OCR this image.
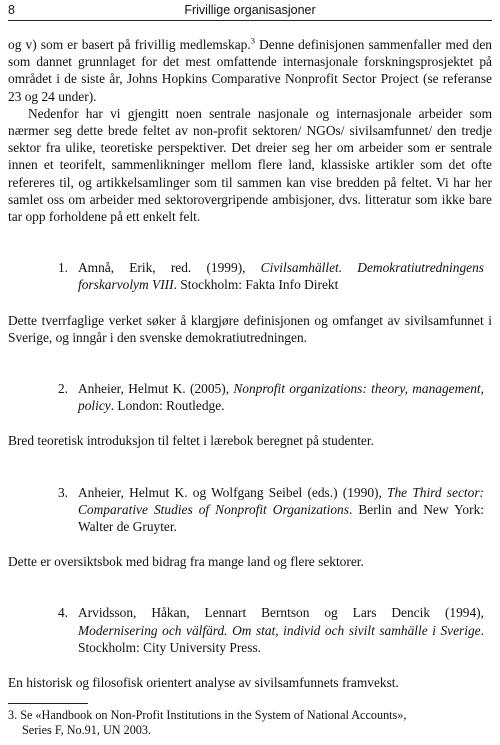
8	Frivillige organisasjoner

og v) som er basert på frivillig medlemskap.$^3$ Denne definisjonen sammenfaller med den som dannet grunnlaget for det mest omfattende internasjonale forskningsprosjektet på området i de siste år, Johns Hopkins Comparative Nonprofit Sector Project (se referanse 23 og 24 under).

Nedenfor har vi gjengitt noen sentrale nasjonale og internasjonale arbeider som nærmer seg dette brede feltet av non-profit sektoren/ NGOs/ sivilsamfunnet/ den tredje sektor fra ulike, teoretiske perspektiver. Det dreier seg her om arbeider som er sentrale innen et teorifelt, sammenlikninger mellom flere land, klassiske artikler som det ofte refereres til, og artikkelsamlinger som til sammen kan vise bredden på feltet. Vi har her samlet oss om arbeider med sektorovergripende ambisjoner, dvs. litteratur som ikke bare tar opp forholdene på ett enkelt felt.

1. Amnå, Erik, red. (1999), Civilsamhället. Demokratiutredningens forskarvolym VIII. Stockholm: Fakta Info Direkt

Dette tverrfaglige verket søker å klargjøre definisjonen og omfanget av sivilsamfunnet i Sverige, og inngår i den svenske demokratiutredningen.

2. Anheier, Helmut K. (2005), Nonprofit organizations: theory, management, policy. London: Routledge.

Bred teoretisk introduksjon til feltet i lærebok beregnet på studenter.

3. Anheier, Helmut K. og Wolfgang Seibel (eds.) (1990), The Third sector: Comparative Studies of Nonprofit Organizations. Berlin and New York: Walter de Gruyter.

Dette er oversiktsbok med bidrag fra mange land og flere sektorer.

4. Arvidsson, Håkan, Lennart Berntson og Lars Dencik (1994), Modernisering och välfärd. Om stat, individ och sivilt samhälle i Sverige. Stockholm: City University Press.

En historisk og filosofisk orientert analyse av sivilsamfunnets framvekst.

3. Se «Handbook on Non-Profit Institutions in the System of National Accounts»,
Series F, No.91, UN 2003.
